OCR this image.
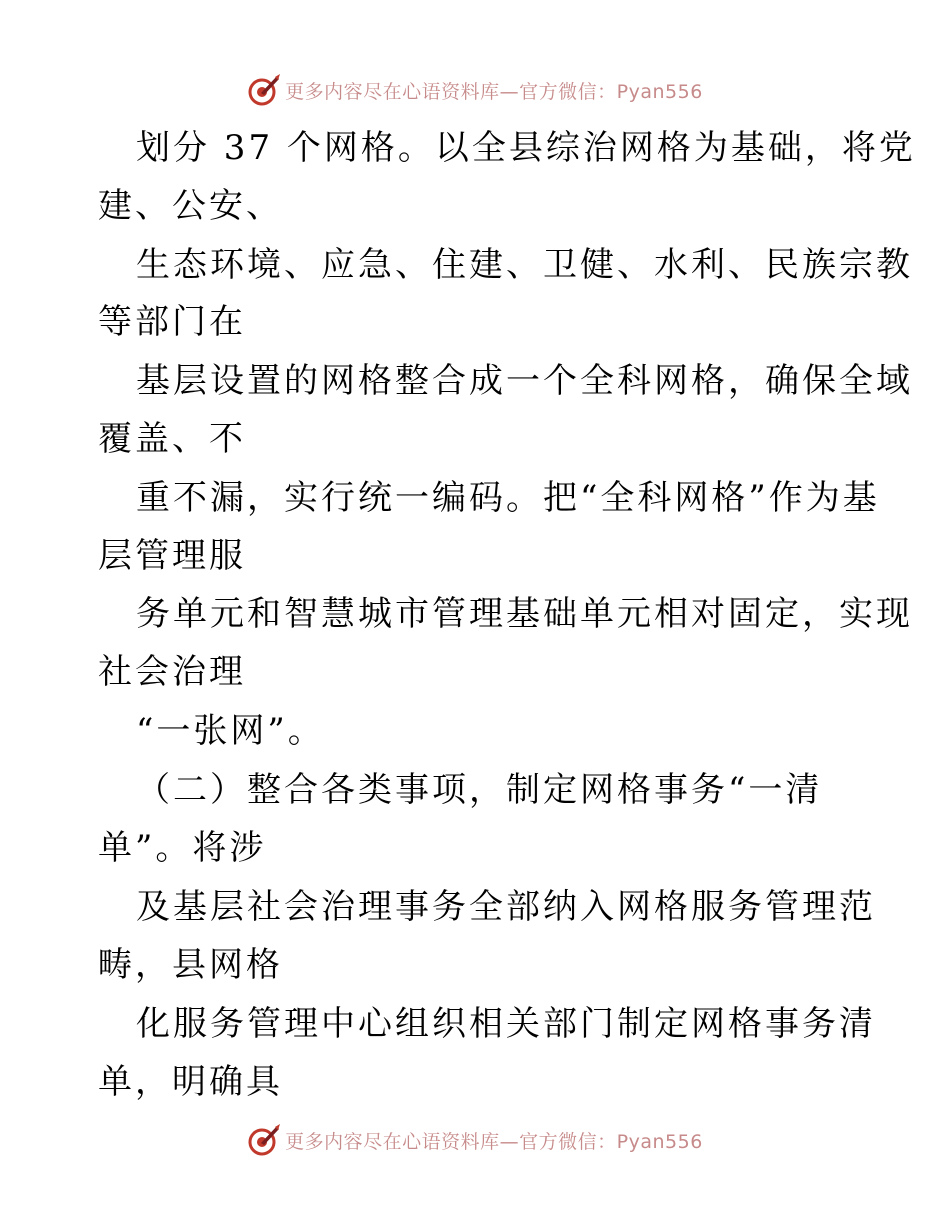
更多内容尽在心语资料库—官方微信：Pyan556
划分 37 个网格。以全县综治网格为基础，将党
建、公安、
生态环境、应急、住建、卫健、水利、民族宗教
等部门在
基层设置的网格整合成一个全科网格，确保全域
覆盖、不
重不漏，实行统一编码。把“全科网格”作为基
层管理服
务单元和智慧城市管理基础单元相对固定，实现
社会治理
“一张网”。
（二）整合各类事项，制定网格事务“一清
单”。将涉
及基层社会治理事务全部纳入网格服务管理范
畴，县网格
化服务管理中心组织相关部门制定网格事务清
单，明确具
更多内容尽在心语资料库—官方微信：Pyan556
